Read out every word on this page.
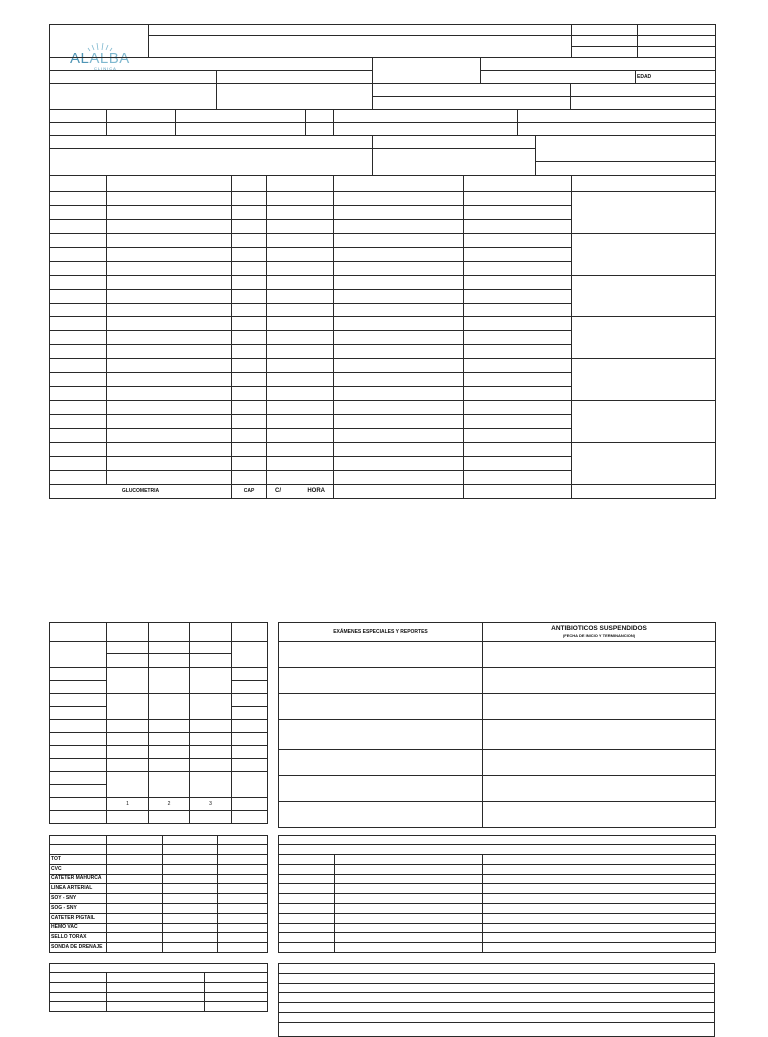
ALALBA
CLINICA			

				EDAD

GLUCOMETRIA		CAP	C/ HORA			

	1	2	3	

EXÁMENES ESPECIALES Y REPORTES	ANTIBIOTICOS SUSPENDIDOS
(FECHA DE INICIO Y TERMINANCION)

TOT			
CVC			
CATETER MAHURCA			
LINEA ARTERIAL			
SOY - SNY			
SOG - SNY			
CATETER PIGTAIL			
HEMO VAC			
SELLO TORAX			
SONDA DE DRENAJE			
